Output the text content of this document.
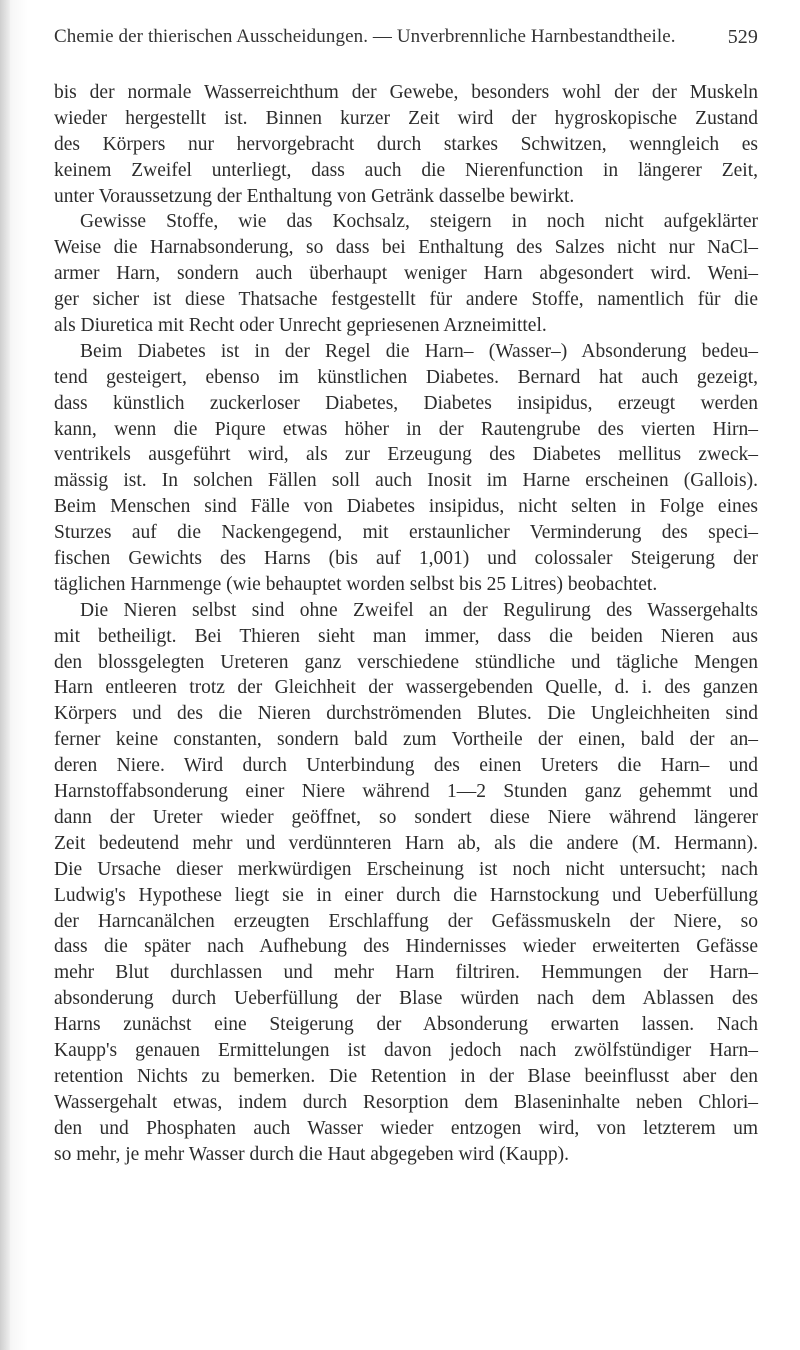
Chemie der thierischen Ausscheidungen. — Unverbrennliche Harnbestandtheile.	529
bis der normale Wasserreichthum der Gewebe, besonders wohl der der Muskeln
wieder hergestellt ist. Binnen kurzer Zeit wird der hygroskopische Zustand
des Körpers nur hervorgebracht durch starkes Schwitzen, wenngleich es
keinem Zweifel unterliegt, dass auch die Nierenfunction in längerer Zeit,
unter Voraussetzung der Enthaltung von Getränk dasselbe bewirkt.
Gewisse Stoffe, wie das Kochsalz, steigern in noch nicht aufgeklärter
Weise die Harnabsonderung, so dass bei Enthaltung des Salzes nicht nur NaCl–
armer Harn, sondern auch überhaupt weniger Harn abgesondert wird. Weni–
ger sicher ist diese Thatsache festgestellt für andere Stoffe, namentlich für die
als Diuretica mit Recht oder Unrecht gepriesenen Arzneimittel.
Beim Diabetes ist in der Regel die Harn– (Wasser–) Absonderung bedeu–
tend gesteigert, ebenso im künstlichen Diabetes. Bernard hat auch gezeigt,
dass künstlich zuckerloser Diabetes, Diabetes insipidus, erzeugt werden
kann, wenn die Piqure etwas höher in der Rautengrube des vierten Hirn–
ventrikels ausgeführt wird, als zur Erzeugung des Diabetes mellitus zweck–
mässig ist. In solchen Fällen soll auch Inosit im Harne erscheinen (Gallois).
Beim Menschen sind Fälle von Diabetes insipidus, nicht selten in Folge eines
Sturzes auf die Nackengegend, mit erstaunlicher Verminderung des speci–
fischen Gewichts des Harns (bis auf 1,001) und colossaler Steigerung der
täglichen Harnmenge (wie behauptet worden selbst bis 25 Litres) beobachtet.
Die Nieren selbst sind ohne Zweifel an der Regulirung des Wassergehalts
mit betheiligt. Bei Thieren sieht man immer, dass die beiden Nieren aus
den blossgelegten Ureteren ganz verschiedene stündliche und tägliche Mengen
Harn entleeren trotz der Gleichheit der wassergebenden Quelle, d. i. des ganzen
Körpers und des die Nieren durchströmenden Blutes. Die Ungleichheiten sind
ferner keine constanten, sondern bald zum Vortheile der einen, bald der an–
deren Niere. Wird durch Unterbindung des einen Ureters die Harn– und
Harnstoffabsonderung einer Niere während 1—2 Stunden ganz gehemmt und
dann der Ureter wieder geöffnet, so sondert diese Niere während längerer
Zeit bedeutend mehr und verdünnteren Harn ab, als die andere (M. Hermann).
Die Ursache dieser merkwürdigen Erscheinung ist noch nicht untersucht; nach
Ludwig's Hypothese liegt sie in einer durch die Harnstockung und Ueberfüllung
der Harncanälchen erzeugten Erschlaffung der Gefässmuskeln der Niere, so
dass die später nach Aufhebung des Hindernisses wieder erweiterten Gefässe
mehr Blut durchlassen und mehr Harn filtriren. Hemmungen der Harn–
absonderung durch Ueberfüllung der Blase würden nach dem Ablassen des
Harns zunächst eine Steigerung der Absonderung erwarten lassen. Nach
Kaupp's genauen Ermittelungen ist davon jedoch nach zwölfstündiger Harn–
retention Nichts zu bemerken. Die Retention in der Blase beeinflusst aber den
Wassergehalt etwas, indem durch Resorption dem Blaseninhalte neben Chlori–
den und Phosphaten auch Wasser wieder entzogen wird, von letzterem um
so mehr, je mehr Wasser durch die Haut abgegeben wird (Kaupp).
